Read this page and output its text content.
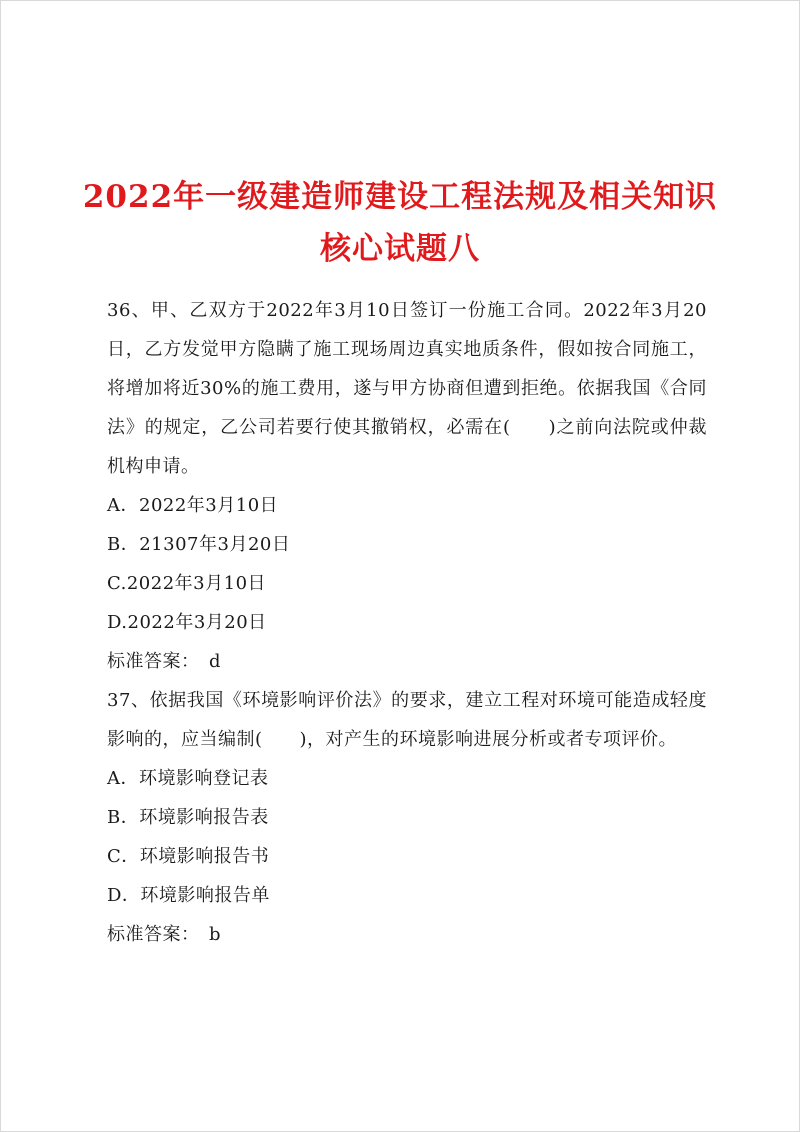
2022年一级建造师建设工程法规及相关知识
核心试题八

36、甲、乙双方于2022年3月10日签订一份施工合同。2022年3月20日，乙方发觉甲方隐瞒了施工现场周边真实地质条件，假如按合同施工，将增加将近30%的施工费用，遂与甲方协商但遭到拒绝。依据我国《合同法》的规定，乙公司若要行使其撤销权，必需在(　　)之前向法院或仲裁机构申请。

A．2022年3月10日

B．21307年3月20日

C.2022年3月10日

D.2022年3月20日

标准答案：　d

37、依据我国《环境影响评价法》的要求，建立工程对环境可能造成轻度影响的，应当编制(　　)，对产生的环境影响进展分析或者专项评价。

A．环境影响登记表

B．环境影响报告表

C．环境影响报告书

D．环境影响报告单

标准答案：　b
